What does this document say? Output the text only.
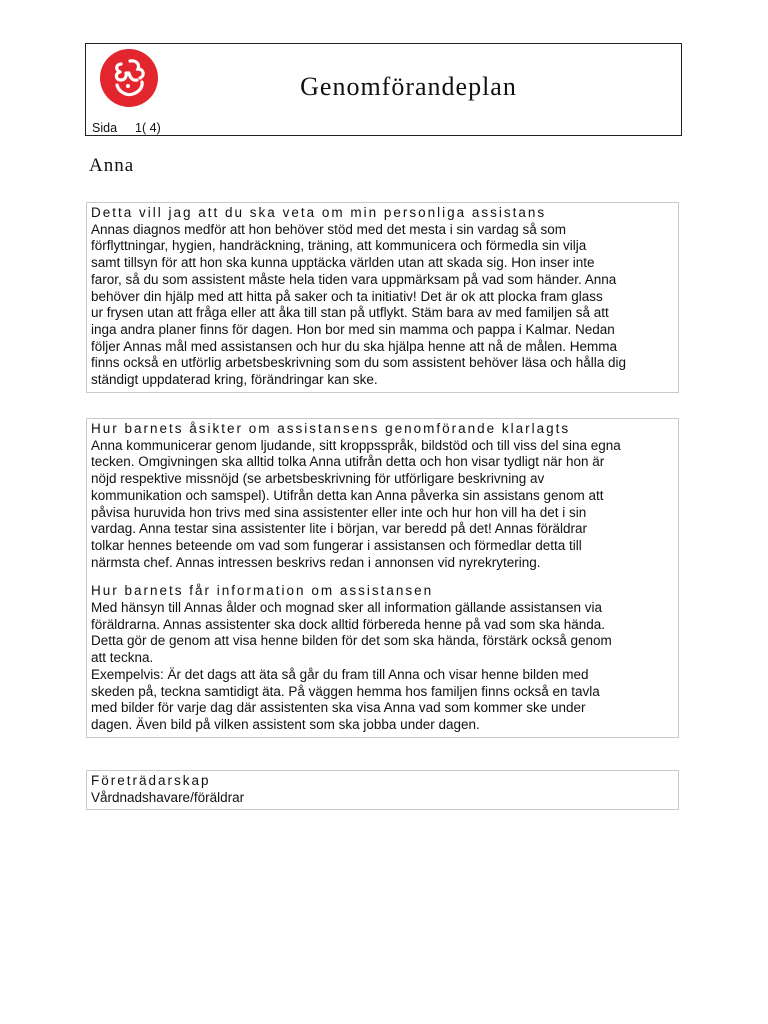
Genomförandeplan
Sida 1( 4)
Anna
Detta vill jag att du ska veta om min personliga assistans
Annas diagnos medför att hon behöver stöd med det mesta i sin vardag så som
förflyttningar, hygien, handräckning, träning, att kommunicera och förmedla sin vilja
samt tillsyn för att hon ska kunna upptäcka världen utan att skada sig. Hon inser inte
faror, så du som assistent måste hela tiden vara uppmärksam på vad som händer. Anna
behöver din hjälp med att hitta på saker och ta initiativ! Det är ok att plocka fram glass
ur frysen utan att fråga eller att åka till stan på utflykt. Stäm bara av med familjen så att
inga andra planer finns för dagen. Hon bor med sin mamma och pappa i Kalmar. Nedan
följer Annas mål med assistansen och hur du ska hjälpa henne att nå de målen. Hemma
finns också en utförlig arbetsbeskrivning som du som assistent behöver läsa och hålla dig
ständigt uppdaterad kring, förändringar kan ske.
Hur barnets åsikter om assistansens genomförande klarlagts
Anna kommunicerar genom ljudande, sitt kroppsspråk, bildstöd och till viss del sina egna
tecken. Omgivningen ska alltid tolka Anna utifrån detta och hon visar tydligt när hon är
nöjd respektive missnöjd (se arbetsbeskrivning för utförligare beskrivning av
kommunikation och samspel). Utifrån detta kan Anna påverka sin assistans genom att
påvisa huruvida hon trivs med sina assistenter eller inte och hur hon vill ha det i sin
vardag. Anna testar sina assistenter lite i början, var beredd på det! Annas föräldrar
tolkar hennes beteende om vad som fungerar i assistansen och förmedlar detta till
närmsta chef. Annas intressen beskrivs redan i annonsen vid nyrekrytering.
Hur barnets får information om assistansen
Med hänsyn till Annas ålder och mognad sker all information gällande assistansen via
föräldrarna. Annas assistenter ska dock alltid förbereda henne på vad som ska hända.
Detta gör de genom att visa henne bilden för det som ska hända, förstärk också genom
att teckna.
Exempelvis: Är det dags att äta så går du fram till Anna och visar henne bilden med
skeden på, teckna samtidigt äta. På väggen hemma hos familjen finns också en tavla
med bilder för varje dag där assistenten ska visa Anna vad som kommer ske under
dagen. Även bild på vilken assistent som ska jobba under dagen.
Företrädarskap
Vårdnadshavare/föräldrar
